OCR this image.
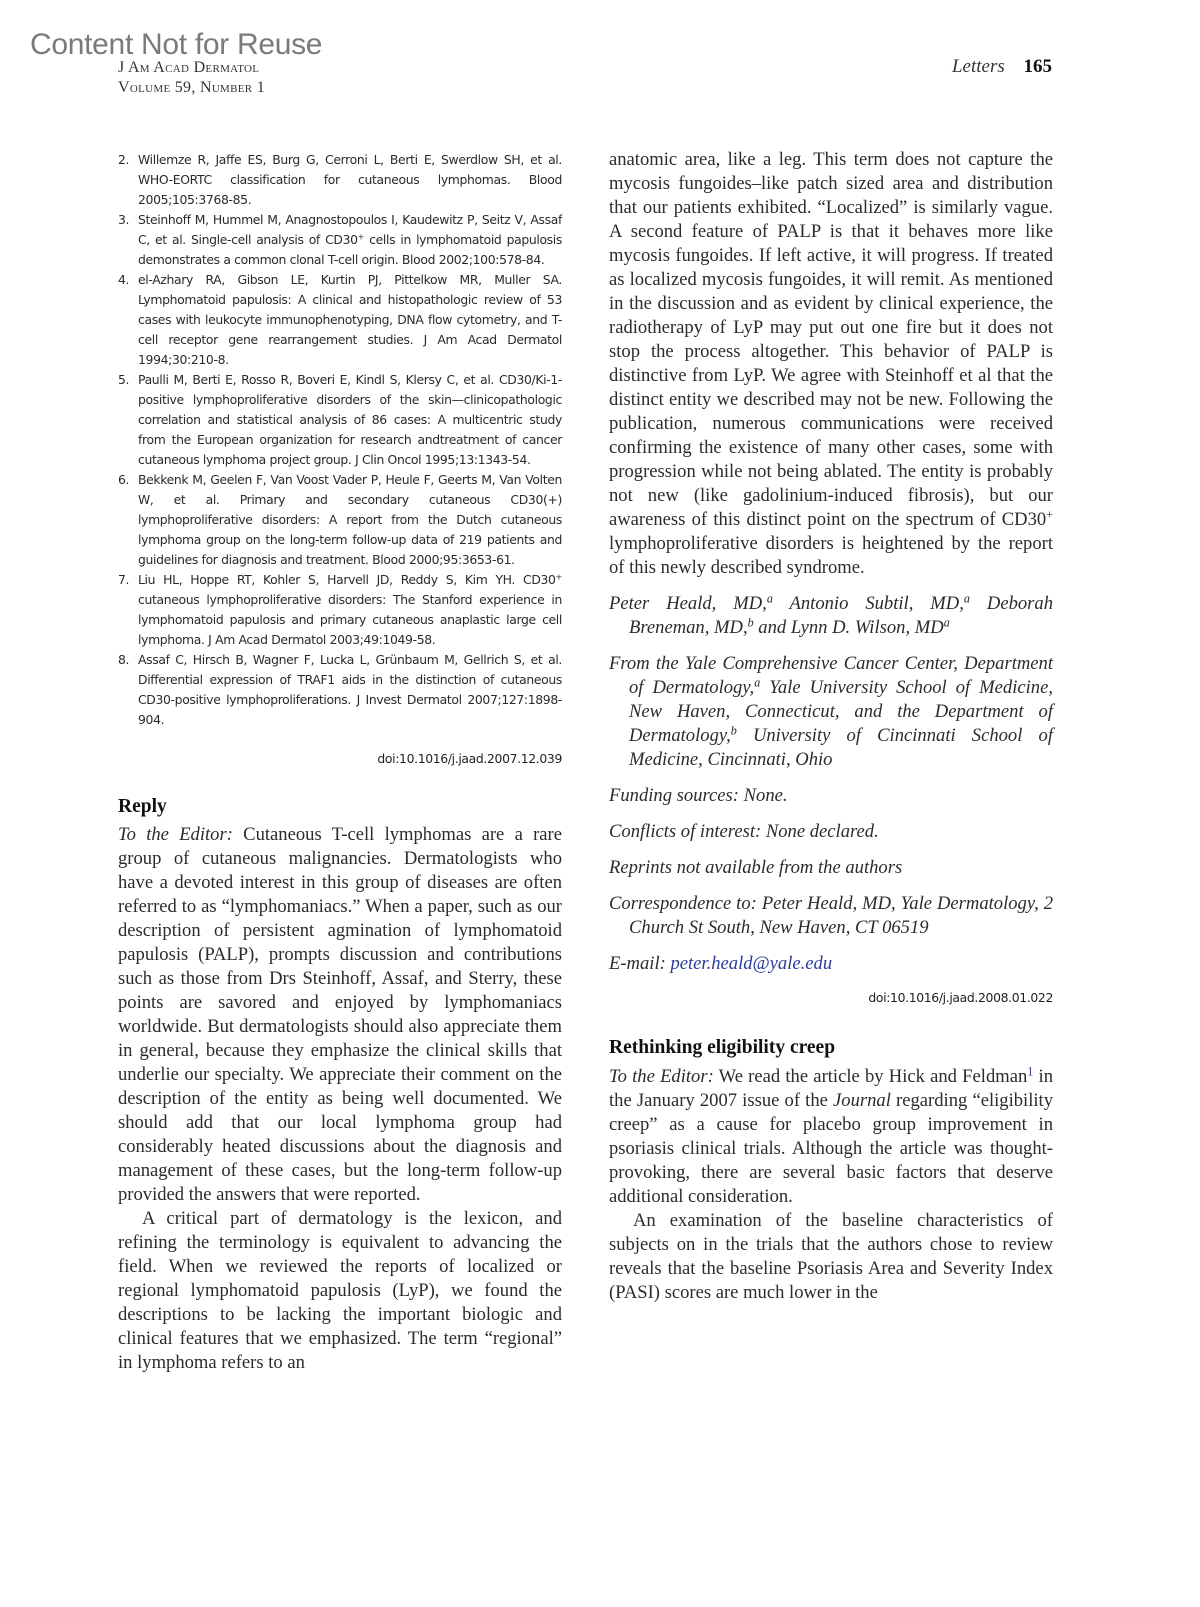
Content Not for Reuse
J Am Acad Dermatol
Volume 59, Number 1
Letters 165
2. Willemze R, Jaffe ES, Burg G, Cerroni L, Berti E, Swerdlow SH, et al. WHO-EORTC classification for cutaneous lymphomas. Blood 2005;105:3768-85.
3. Steinhoff M, Hummel M, Anagnostopoulos I, Kaudewitz P, Seitz V, Assaf C, et al. Single-cell analysis of CD30+ cells in lymphomatoid papulosis demonstrates a common clonal T-cell origin. Blood 2002;100:578-84.
4. el-Azhary RA, Gibson LE, Kurtin PJ, Pittelkow MR, Muller SA. Lymphomatoid papulosis: A clinical and histopathologic review of 53 cases with leukocyte immunophenotyping, DNA flow cytometry, and T-cell receptor gene rearrangement studies. J Am Acad Dermatol 1994;30:210-8.
5. Paulli M, Berti E, Rosso R, Boveri E, Kindl S, Klersy C, et al. CD30/Ki-1-positive lymphoproliferative disorders of the skin—clinicopathologic correlation and statistical analysis of 86 cases: A multicentric study from the European organization for research andtreatment of cancer cutaneous lymphoma project group. J Clin Oncol 1995;13:1343-54.
6. Bekkenk M, Geelen F, Van Voost Vader P, Heule F, Geerts M, Van Volten W, et al. Primary and secondary cutaneous CD30(+) lymphoproliferative disorders: A report from the Dutch cutaneous lymphoma group on the long-term follow-up data of 219 patients and guidelines for diagnosis and treatment. Blood 2000;95:3653-61.
7. Liu HL, Hoppe RT, Kohler S, Harvell JD, Reddy S, Kim YH. CD30+ cutaneous lymphoproliferative disorders: The Stanford experience in lymphomatoid papulosis and primary cutaneous anaplastic large cell lymphoma. J Am Acad Dermatol 2003;49:1049-58.
8. Assaf C, Hirsch B, Wagner F, Lucka L, Grünbaum M, Gellrich S, et al. Differential expression of TRAF1 aids in the distinction of cutaneous CD30-positive lymphoproliferations. J Invest Dermatol 2007;127:1898-904.
doi:10.1016/j.jaad.2007.12.039
Reply

To the Editor: Cutaneous T-cell lymphomas are a rare group of cutaneous malignancies. Dermatologists who have a devoted interest in this group of diseases are often referred to as “lymphomaniacs.” When a paper, such as our description of persistent agmination of lymphomatoid papulosis (PALP), prompts discussion and contributions such as those from Drs Steinhoff, Assaf, and Sterry, these points are savored and enjoyed by lymphomaniacs worldwide. But dermatologists should also appreciate them in general, because they emphasize the clinical skills that underlie our specialty. We appreciate their comment on the description of the entity as being well documented. We should add that our local lymphoma group had considerably heated discussions about the diagnosis and management of these cases, but the long-term follow-up provided the answers that were reported.

A critical part of dermatology is the lexicon, and refining the terminology is equivalent to advancing the field. When we reviewed the reports of localized or regional lymphomatoid papulosis (LyP), we found the descriptions to be lacking the important biologic and clinical features that we emphasized. The term “regional” in lymphoma refers to an

anatomic area, like a leg. This term does not capture the mycosis fungoides–like patch sized area and distribution that our patients exhibited. “Localized” is similarly vague. A second feature of PALP is that it behaves more like mycosis fungoides. If left active, it will progress. If treated as localized mycosis fungoides, it will remit. As mentioned in the discussion and as evident by clinical experience, the radiotherapy of LyP may put out one fire but it does not stop the process altogether. This behavior of PALP is distinctive from LyP. We agree with Steinhoff et al that the distinct entity we described may not be new. Following the publication, numerous communications were received confirming the existence of many other cases, some with progression while not being ablated. The entity is probably not new (like gadolinium-induced fibrosis), but our awareness of this distinct point on the spectrum of CD30+ lymphoproliferative disorders is heightened by the report of this newly described syndrome.

Peter Heald, MD,$^a$ Antonio Subtil, MD,$^a$ Deborah Breneman, MD,$^b$ and Lynn D. Wilson, $MD^a$

From the Yale Comprehensive Cancer Center, Department of Dermatology,$^a$ Yale University School of Medicine, New Haven, Connecticut, and the Department of Dermatology,$^b$ University of Cincinnati School of Medicine, Cincinnati, Ohio

Funding sources: None.

Conflicts of interest: None declared.

Reprints not available from the authors

Correspondence to: Peter Heald, MD, Yale Dermatology, 2 Church St South, New Haven, CT 06519

E-mail: peter.heald@yale.edu

doi:10.1016/j.jaad.2008.01.022
Rethinking eligibility creep

To the Editor: We read the article by Hick and Feldman$^1$ in the January 2007 issue of the Journal regarding “eligibility creep” as a cause for placebo group improvement in psoriasis clinical trials. Although the article was thought-provoking, there are several basic factors that deserve additional consideration.

An examination of the baseline characteristics of subjects on in the trials that the authors chose to review reveals that the baseline Psoriasis Area and Severity Index (PASI) scores are much lower in the
